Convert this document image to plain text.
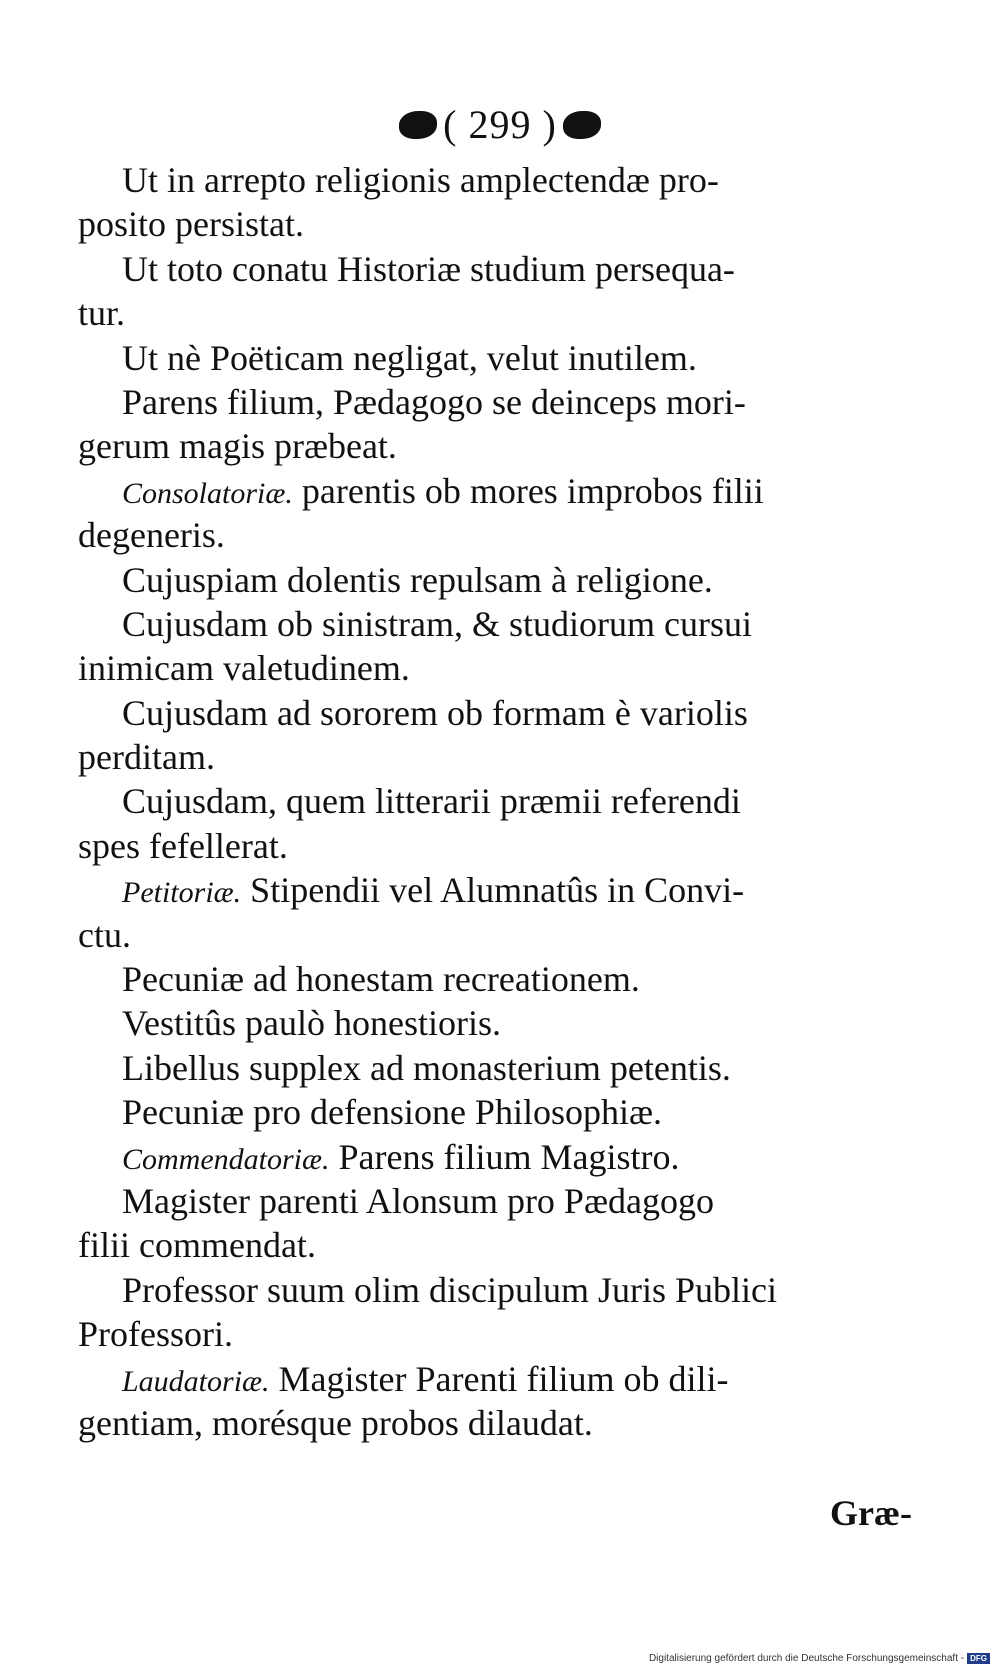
( 299 )
Ut in arrepto religionis amplectendæ pro-
posito persistat.
Ut toto conatu Historiæ studium persequa-
tur.
Ut nè Poëticam negligat, velut inutilem.
Parens filium, Pædagogo se deinceps mori-
gerum magis præbeat.
Consolatoriæ. parentis ob mores improbos filii
degeneris.
Cujuspiam dolentis repulsam à religione.
Cujusdam ob sinistram, & studiorum cursui
inimicam valetudinem.
Cujusdam ad sororem ob formam è variolis
perditam.
Cujusdam, quem litterarii præmii referendi
spes fefellerat.
Petitoriæ. Stipendii vel Alumnatûs in Convi-
ctu.
Pecuniæ ad honestam recreationem.
Vestitûs paulò honestioris.
Libellus supplex ad monasterium petentis.
Pecuniæ pro defensione Philosophiæ.
Commendatoriæ. Parens filium Magistro.
Magister parenti Alonsum pro Pædagogo
filii commendat.
Professor suum olim discipulum Juris Publici
Professori.
Laudatoriæ. Magister Parenti filium ob dili-
gentiam, morésque probos dilaudat.
Græ-
Digitalisierung gefördert durch die Deutsche Forschungsgemeinschaft - DFG
